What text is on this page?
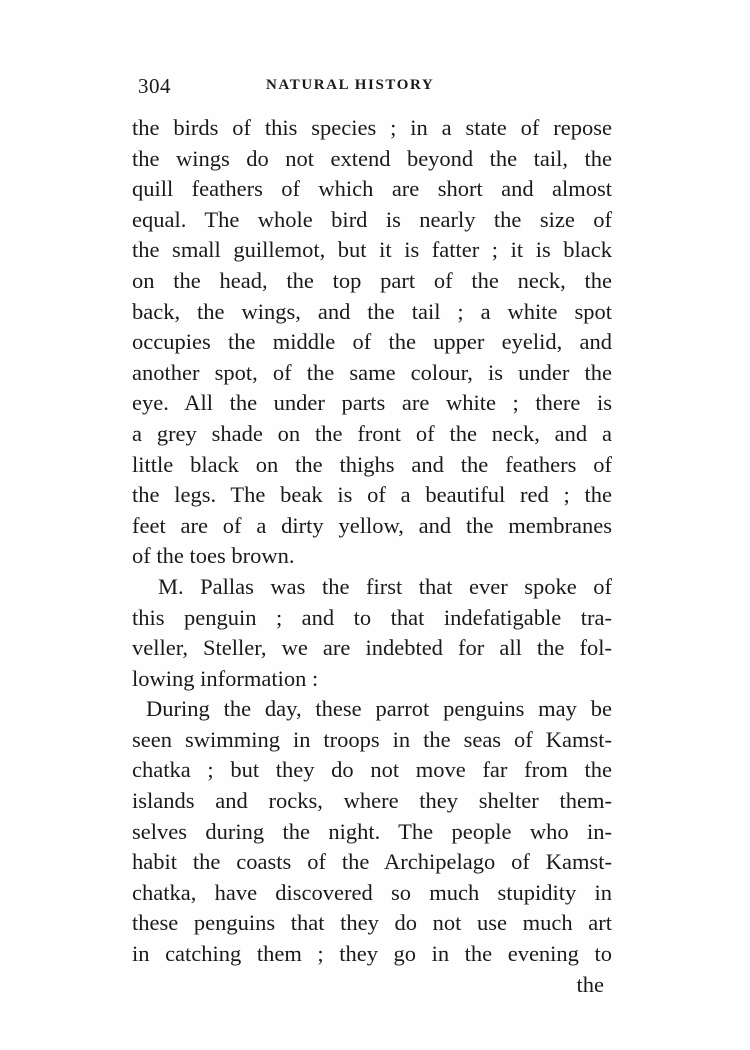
304	NATURAL HISTORY
the birds of this species ; in a state of repose
the wings do not extend beyond the tail, the
quill feathers of which are short and almost
equal. The whole bird is nearly the size of
the small guillemot, but it is fatter ; it is black
on the head, the top part of the neck, the
back, the wings, and the tail ; a white spot
occupies the middle of the upper eyelid, and
another spot, of the same colour, is under the
eye. All the under parts are white ; there is
a grey shade on the front of the neck, and a
little black on the thighs and the feathers of
the legs. The beak is of a beautiful red ; the
feet are of a dirty yellow, and the membranes
of the toes brown.
M. Pallas was the first that ever spoke of
this penguin ; and to that indefatigable tra-
veller, Steller, we are indebted for all the fol-
lowing information :
During the day, these parrot penguins may be
seen swimming in troops in the seas of Kamst-
chatka ; but they do not move far from the
islands and rocks, where they shelter them-
selves during the night. The people who in-
habit the coasts of the Archipelago of Kamst-
chatka, have discovered so much stupidity in
these penguins that they do not use much art
in catching them ; they go in the evening to
the
